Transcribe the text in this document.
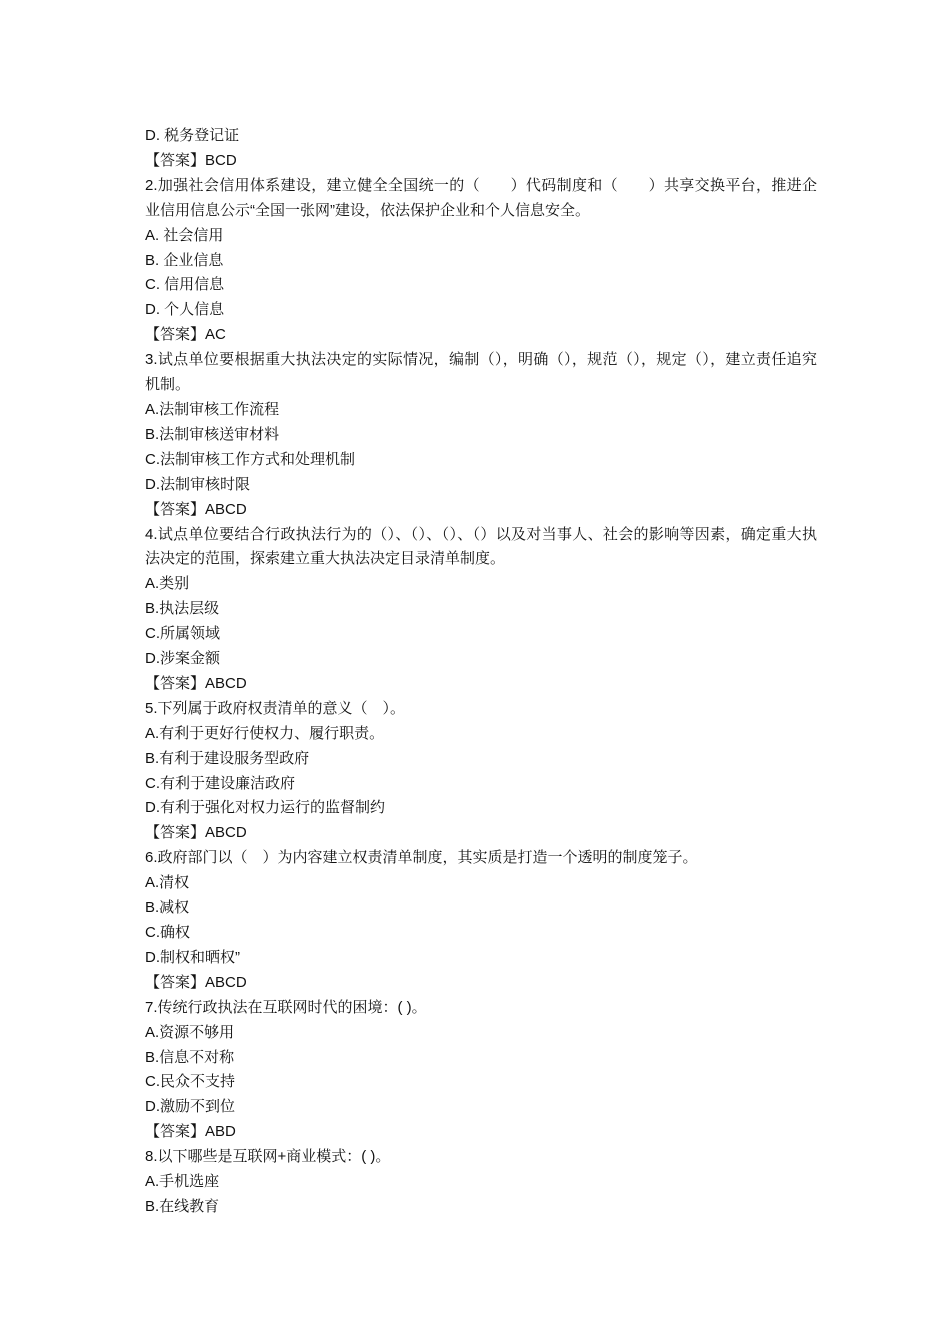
D. 税务登记证
【答案】BCD
2.加强社会信用体系建设，建立健全全国统一的（　　）代码制度和（　　）共享交换平台，推进企业信用信息公示“全国一张网”建设，依法保护企业和个人信息安全。
A. 社会信用
B. 企业信息
C. 信用信息
D. 个人信息
【答案】AC
3.试点单位要根据重大执法决定的实际情况，编制（），明确（），规范（），规定（），建立责任追究机制。
A.法制审核工作流程
B.法制审核送审材料
C.法制审核工作方式和处理机制
D.法制审核时限
【答案】ABCD
4.试点单位要结合行政执法行为的（）、（）、（）、（）以及对当事人、社会的影响等因素，确定重大执法决定的范围，探索建立重大执法决定目录清单制度。
A.类别
B.执法层级
C.所属领域
D.涉案金额
【答案】ABCD
5.下列属于政府权责清单的意义（　）。
A.有利于更好行使权力、履行职责。
B.有利于建设服务型政府
C.有利于建设廉洁政府
D.有利于强化对权力运行的监督制约
【答案】ABCD
6.政府部门以（　）为内容建立权责清单制度，其实质是打造一个透明的制度笼子。
A.清权
B.减权
C.确权
D.制权和晒权”
【答案】ABCD
7.传统行政执法在互联网时代的困境：( )。
A.资源不够用
B.信息不对称
C.民众不支持
D.激励不到位
【答案】ABD
8.以下哪些是互联网+商业模式：( )。
A.手机选座
B.在线教育
